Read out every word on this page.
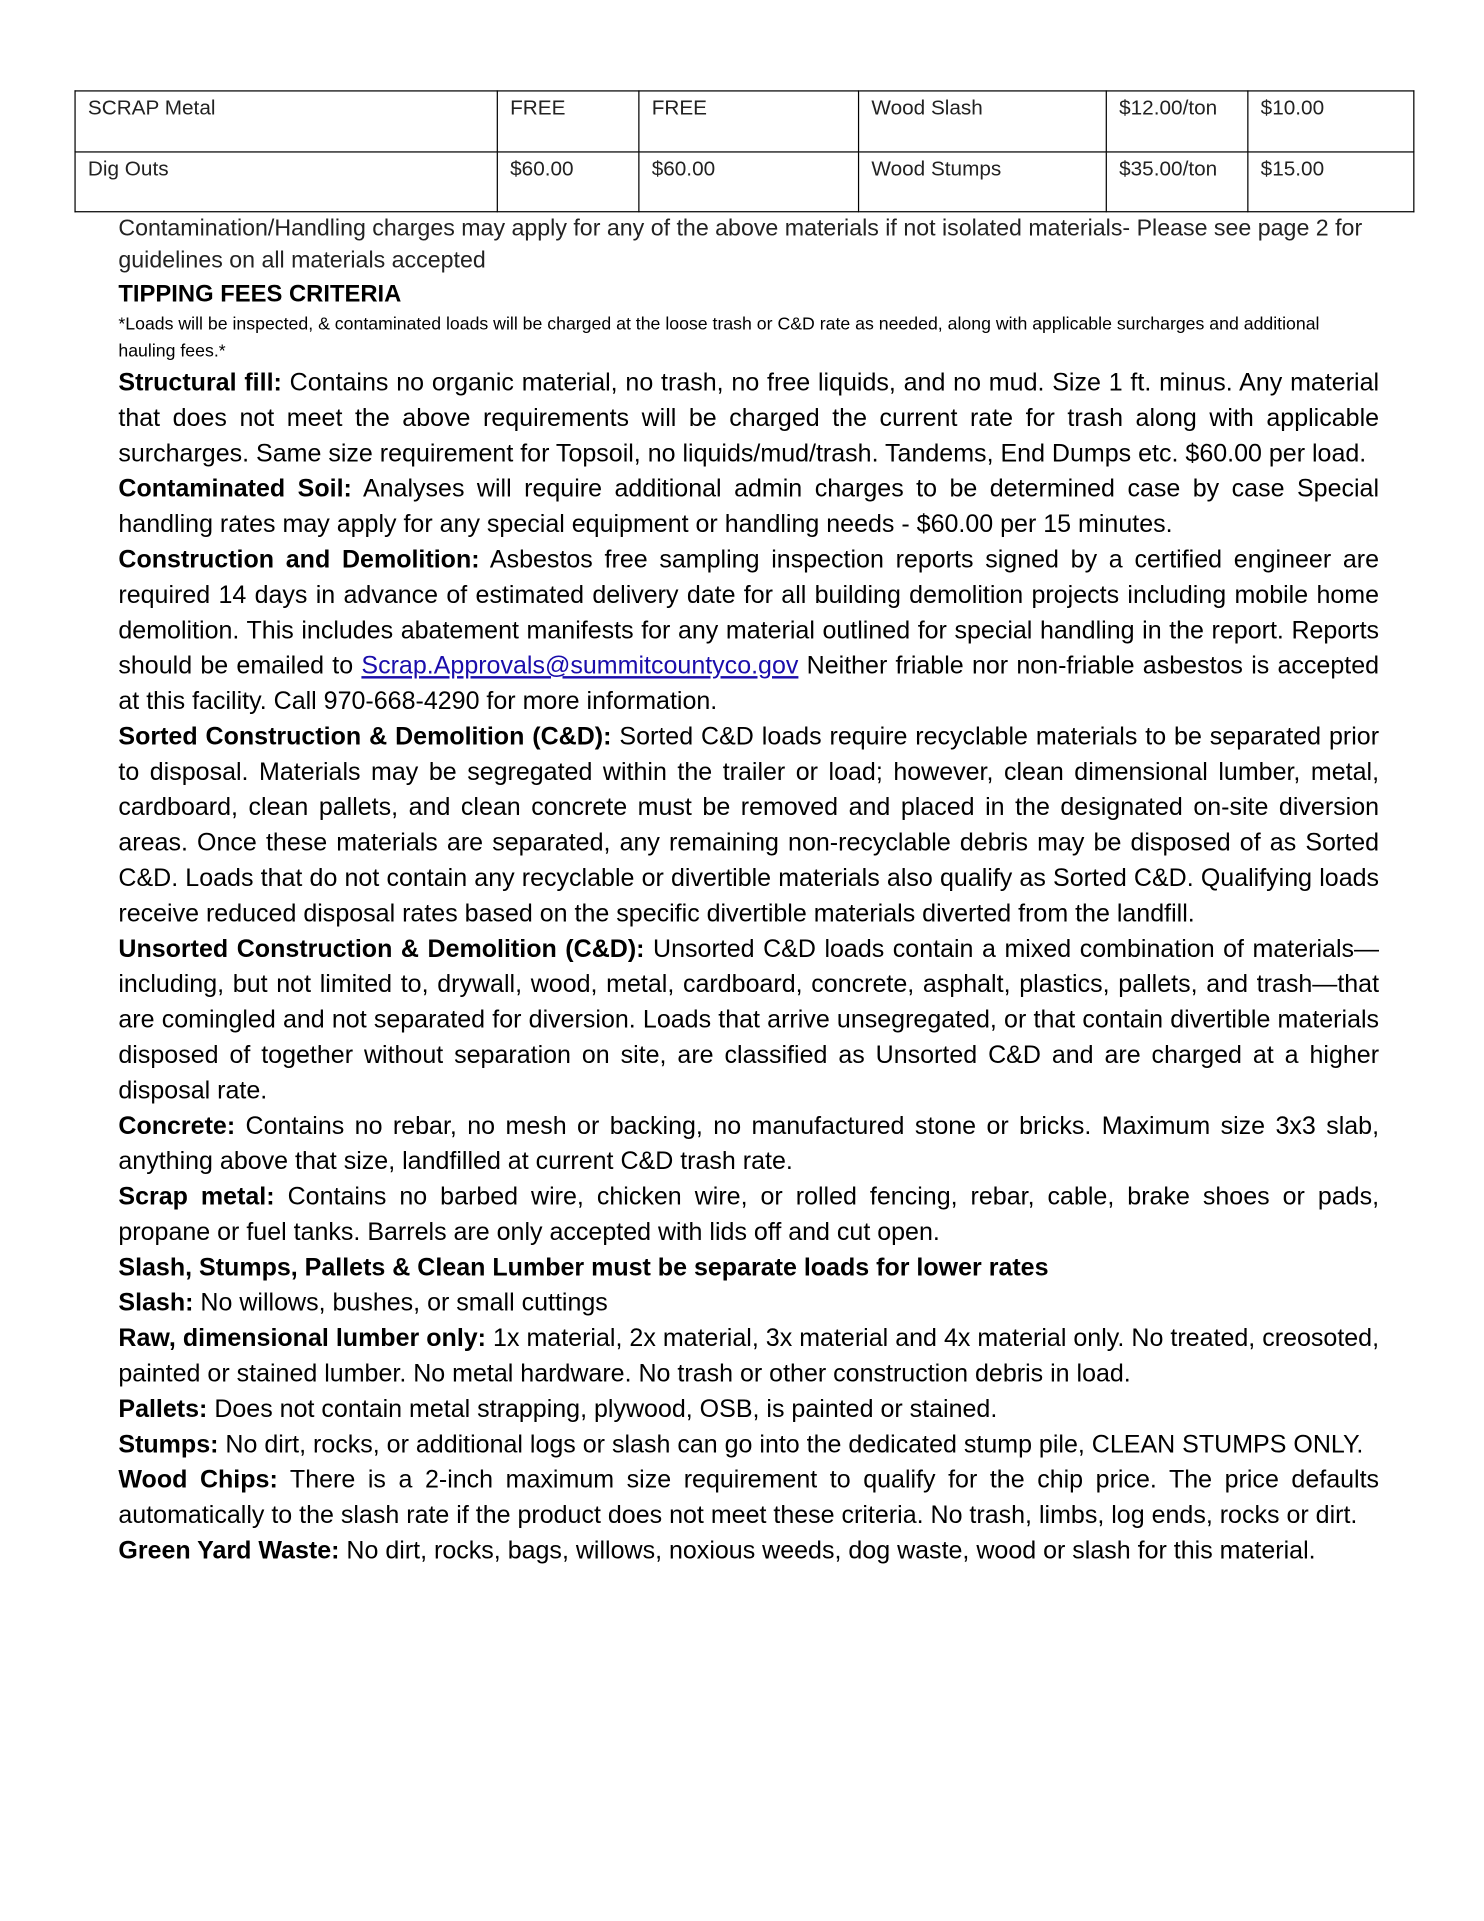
SCRAP Metal	FREE	FREE	Wood Slash	$12.00/ton	$10.00
Dig Outs	$60.00	$60.00	Wood Stumps	$35.00/ton	$15.00

Contamination/Handling charges may apply for any of the above materials if not isolated materials- Please see page 2 for guidelines on all materials accepted

TIPPING FEES CRITERIA

*Loads will be inspected, & contaminated loads will be charged at the loose trash or C&D rate as needed, along with applicable surcharges and additional hauling fees.*

Structural fill: Contains no organic material, no trash, no free liquids, and no mud. Size 1 ft. minus. Any material that does not meet the above requirements will be charged the current rate for trash along with applicable surcharges. Same size requirement for Topsoil, no liquids/mud/trash. Tandems, End Dumps etc. $60.00 per load.

Contaminated Soil: Analyses will require additional admin charges to be determined case by case Special handling rates may apply for any special equipment or handling needs - $60.00 per 15 minutes.

Construction and Demolition: Asbestos free sampling inspection reports signed by a certified engineer are required 14 days in advance of estimated delivery date for all building demolition projects including mobile home demolition. This includes abatement manifests for any material outlined for special handling in the report. Reports should be emailed to Scrap.Approvals@summitcountyco.gov Neither friable nor non-friable asbestos is accepted at this facility. Call 970-668-4290 for more information.

Sorted Construction & Demolition (C&D): Sorted C&D loads require recyclable materials to be separated prior to disposal. Materials may be segregated within the trailer or load; however, clean dimensional lumber, metal, cardboard, clean pallets, and clean concrete must be removed and placed in the designated on-site diversion areas. Once these materials are separated, any remaining non-recyclable debris may be disposed of as Sorted C&D. Loads that do not contain any recyclable or divertible materials also qualify as Sorted C&D. Qualifying loads receive reduced disposal rates based on the specific divertible materials diverted from the landfill.

Unsorted Construction & Demolition (C&D): Unsorted C&D loads contain a mixed combination of materials—including, but not limited to, drywall, wood, metal, cardboard, concrete, asphalt, plastics, pallets, and trash—that are comingled and not separated for diversion. Loads that arrive unsegregated, or that contain divertible materials disposed of together without separation on site, are classified as Unsorted C&D and are charged at a higher disposal rate.

Concrete: Contains no rebar, no mesh or backing, no manufactured stone or bricks. Maximum size 3x3 slab, anything above that size, landfilled at current C&D trash rate.

Scrap metal: Contains no barbed wire, chicken wire, or rolled fencing, rebar, cable, brake shoes or pads, propane or fuel tanks. Barrels are only accepted with lids off and cut open.

Slash, Stumps, Pallets & Clean Lumber must be separate loads for lower rates

Slash: No willows, bushes, or small cuttings

Raw, dimensional lumber only: 1x material, 2x material, 3x material and 4x material only. No treated, creosoted, painted or stained lumber. No metal hardware. No trash or other construction debris in load.

Pallets: Does not contain metal strapping, plywood, OSB, is painted or stained.

Stumps: No dirt, rocks, or additional logs or slash can go into the dedicated stump pile, CLEAN STUMPS ONLY.

Wood Chips: There is a 2-inch maximum size requirement to qualify for the chip price. The price defaults automatically to the slash rate if the product does not meet these criteria. No trash, limbs, log ends, rocks or dirt.

Green Yard Waste: No dirt, rocks, bags, willows, noxious weeds, dog waste, wood or slash for this material.
